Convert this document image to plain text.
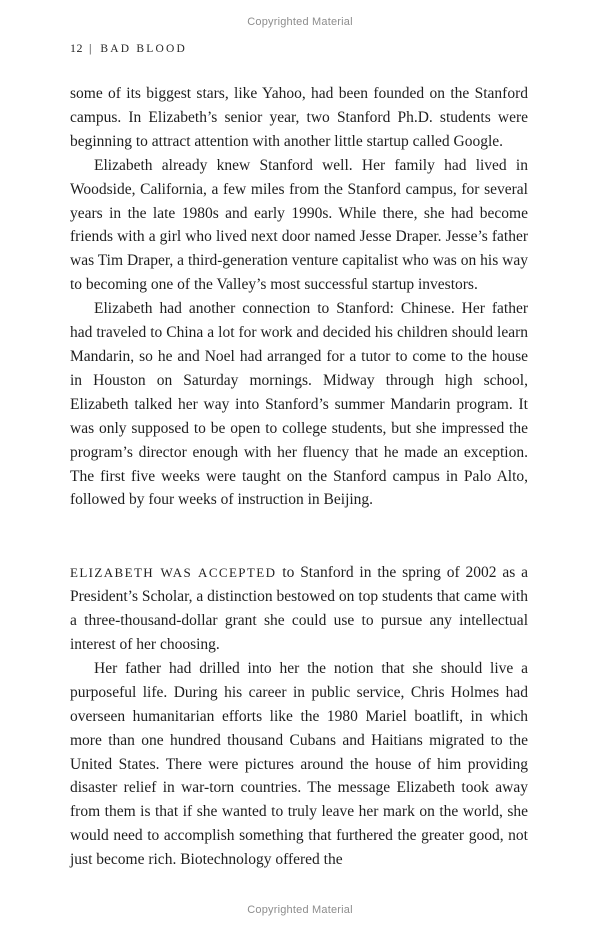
Copyrighted Material
12 | BAD BLOOD

some of its biggest stars, like Yahoo, had been founded on the Stanford campus. In Elizabeth’s senior year, two Stanford Ph.D. students were beginning to attract attention with another little startup called Google.

Elizabeth already knew Stanford well. Her family had lived in Woodside, California, a few miles from the Stanford campus, for several years in the late 1980s and early 1990s. While there, she had become friends with a girl who lived next door named Jesse Draper. Jesse’s father was Tim Draper, a third-generation venture capitalist who was on his way to becoming one of the Valley’s most successful startup investors.

Elizabeth had another connection to Stanford: Chinese. Her father had traveled to China a lot for work and decided his children should learn Mandarin, so he and Noel had arranged for a tutor to come to the house in Houston on Saturday mornings. Midway through high school, Elizabeth talked her way into Stanford’s summer Mandarin program. It was only supposed to be open to college students, but she impressed the program’s director enough with her fluency that he made an exception. The first five weeks were taught on the Stanford campus in Palo Alto, followed by four weeks of instruction in Beijing.

ELIZABETH WAS ACCEPTED to Stanford in the spring of 2002 as a President’s Scholar, a distinction bestowed on top students that came with a three-thousand-dollar grant she could use to pursue any intellectual interest of her choosing.

Her father had drilled into her the notion that she should live a purposeful life. During his career in public service, Chris Holmes had overseen humanitarian efforts like the 1980 Mariel boatlift, in which more than one hundred thousand Cubans and Haitians migrated to the United States. There were pictures around the house of him providing disaster relief in war-torn countries. The message Elizabeth took away from them is that if she wanted to truly leave her mark on the world, she would need to accomplish something that furthered the greater good, not just become rich. Biotechnology offered the

Copyrighted Material
